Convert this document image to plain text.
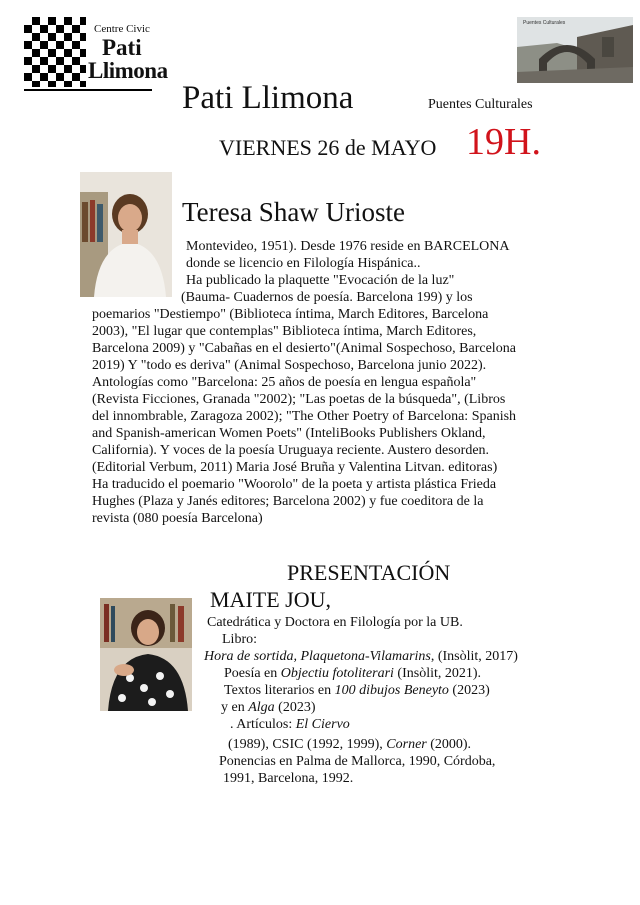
Centre Civic
Pati
Llimona
Puentes Culturales
Pati Llimona	Puentes Culturales
VIERNES 26 de MAYO 19H.
Teresa Shaw Urioste
Montevideo, 1951). Desde 1976 reside en BARCELONA
donde se licencio en Filología Hispánica..
Ha publicado la plaquette "Evocación de la luz"
(Bauma- Cuadernos de poesía. Barcelona 199) y los
poemarios "Destiempo" (Biblioteca íntima, March Editores, Barcelona
2003), "El lugar que contemplas" Biblioteca íntima, March Editores,
Barcelona 2009) y "Cabañas en el desierto"(Animal Sospechoso, Barcelona
2019) Y "todo es deriva" (Animal Sospechoso, Barcelona junio 2022).
Antologías como "Barcelona: 25 años de poesía en lengua española"
(Revista Ficciones, Granada "2002); "Las poetas de la búsqueda", (Libros
del innombrable, Zaragoza 2002); "The Other Poetry of Barcelona: Spanish
and Spanish-american Women Poets" (InteliBooks Publishers Okland,
California). Y voces de la poesía Uruguaya reciente. Austero desorden.
(Editorial Verbum, 2011) Maria José Bruña y Valentina Litvan. editoras)
Ha traducido el poemario "Woorolo" de la poeta y artista plástica Frieda
Hughes (Plaza y Janés editores; Barcelona 2002) y fue coeditora de la
revista (080 poesía Barcelona)
PRESENTACIÓN
MAITE JOU,
Catedrática y Doctora en Filología por la UB.
Libro:
Hora de sortida, Plaquetona-Vilamarins, (Insòlit, 2017)
Poesía en Objectiu fotoliterari (Insòlit, 2021).
Textos literarios en 100 dibujos Beneyto (2023)
y en Alga (2023)
. Artículos: El Ciervo
(1989), CSIC (1992, 1999), Corner (2000).
Ponencias en Palma de Mallorca, 1990, Córdoba,
1991, Barcelona, 1992.
